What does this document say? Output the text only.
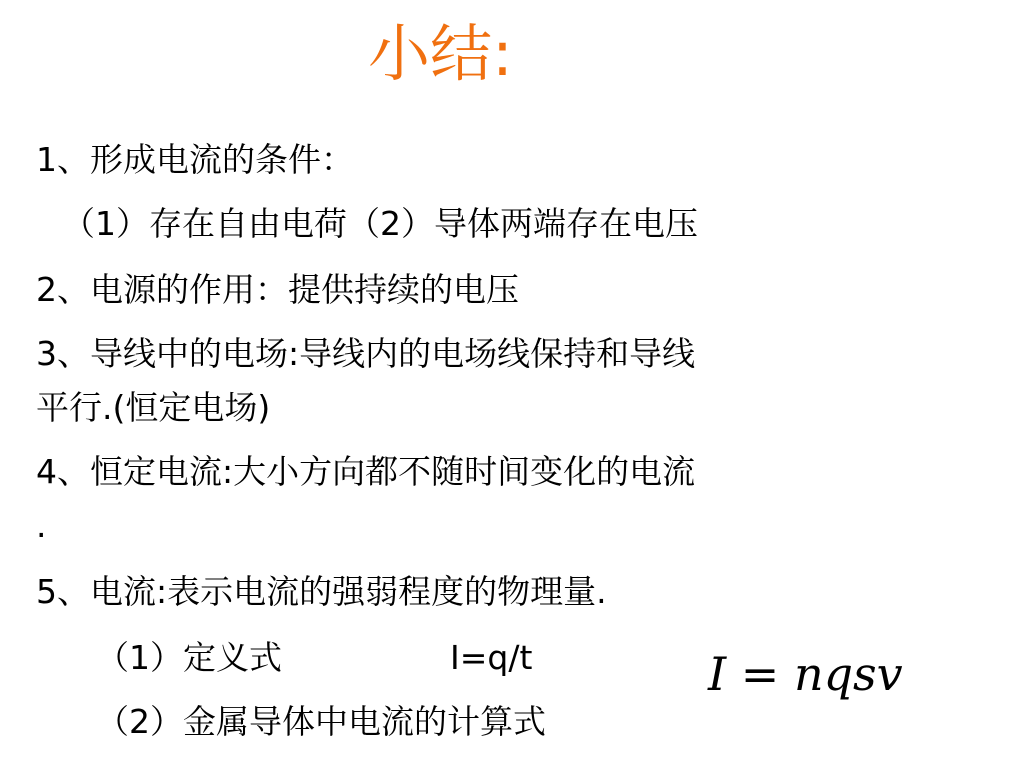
小结:
1、形成电流的条件：
（1）存在自由电荷（2）导体两端存在电压
2、电源的作用：提供持续的电压
3、导线中的电场:导线内的电场线保持和导线
平行.(恒定电场)
4、恒定电流:大小方向都不随时间变化的电流
.
5、电流:表示电流的强弱程度的物理量.
（1）定义式	I=q/t
（2）金属导体中电流的计算式
I = nqsv
